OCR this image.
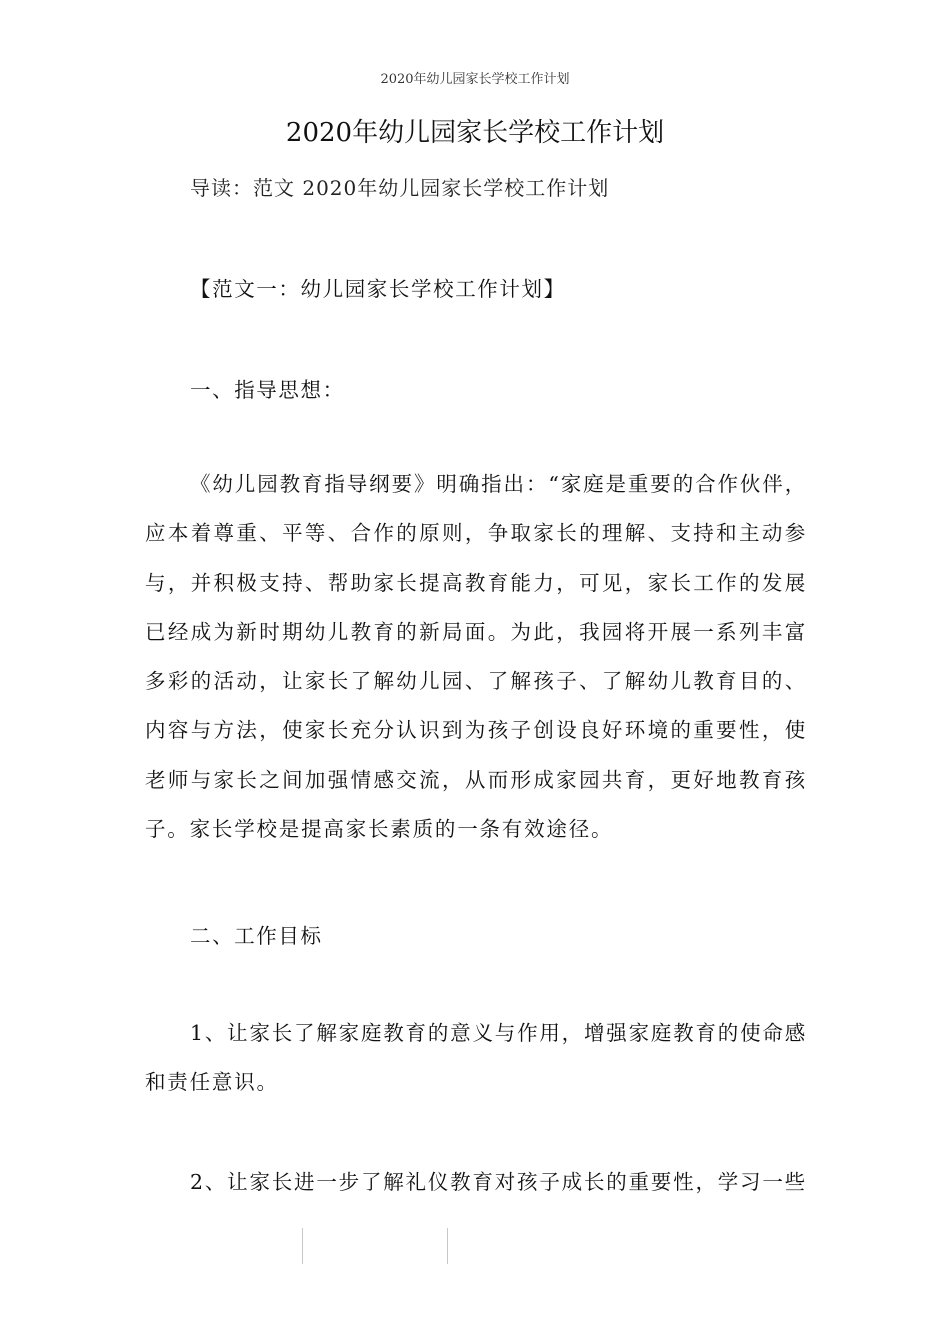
2020年幼儿园家长学校工作计划
2020年幼儿园家长学校工作计划
导读：范文 2020年幼儿园家长学校工作计划
【范文一：幼儿园家长学校工作计划】
一、指导思想：
《幼儿园教育指导纲要》明确指出：“家庭是重要的合作伙伴，应本着尊重、平等、合作的原则，争取家长的理解、支持和主动参与，并积极支持、帮助家长提高教育能力，可见，家长工作的发展已经成为新时期幼儿教育的新局面。为此，我园将开展一系列丰富多彩的活动，让家长了解幼儿园、了解孩子、了解幼儿教育目的、内容与方法，使家长充分认识到为孩子创设良好环境的重要性，使老师与家长之间加强情感交流，从而形成家园共育，更好地教育孩子。家长学校是提高家长素质的一条有效途径。
二、工作目标
1、让家长了解家庭教育的意义与作用，增强家庭教育的使命感和责任意识。
2、让家长进一步了解礼仪教育对孩子成长的重要性，学习一些
